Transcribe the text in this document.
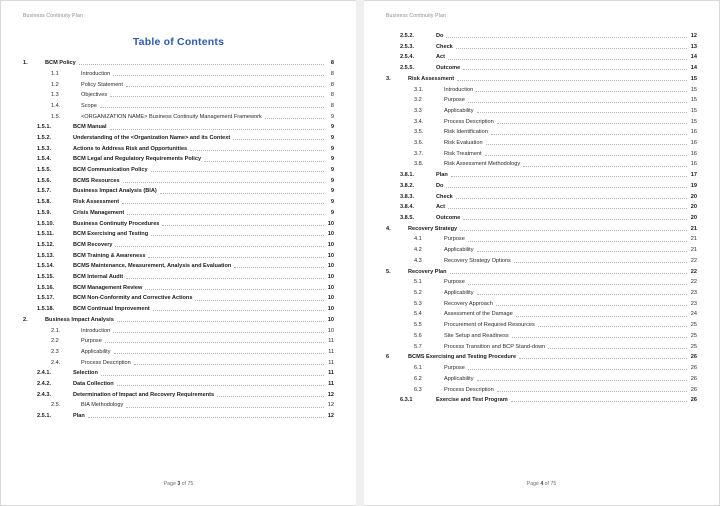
Business Continuity Plan
Table of Contents
1.	BCM Policy	8
1.1	Introduction	8
1.2	Policy Statement	8
1.3	Objectives	8
1.4.	Scope	8
1.5.	<ORGANIZATION NAME> Business Continuity Management Framework	9
1.5.1.	BCM Manual	9
1.5.2.	Understanding of the <Organization Name> and its Context	9
1.5.3.	Actions to Address Risk and Opportunities	9
1.5.4.	BCM Legal and Regulatory Requirements Policy	9
1.5.5.	BCM Communication Policy	9
1.5.6.	BCMS Resources	9
1.5.7.	Business Impact Analysis (BIA)	9
1.5.8.	Risk Assessment	9
1.5.9.	Crisis Management	9
1.5.10.	Business Continuity Procedures	10
1.5.11.	BCM Exercising and Testing	10
1.5.12.	BCM Recovery	10
1.5.13.	BCM Training & Awareness	10
1.5.14.	BCMS Maintenance, Measurement, Analysis and Evaluation	10
1.5.15.	BCM Internal Audit	10
1.5.16.	BCM Management Review	10
1.5.17.	BCM Non-Conformity and Corrective Actions	10
1.5.18.	BCM Continual Improvement	10
2.	Business Impact Analysis	10
2.1.	Introduction	10
2.2	Purpose	11
2.3	Applicability	11
2.4.	Process Description	11
2.4.1.	Selection	11
2.4.2.	Data Collection	11
2.4.3.	Determination of Impact and Recovery Requirements	12
2.5.	BIA Methodology	12
2.5.1.	Plan	12
Page 3 of 75
Business Continuity Plan
2.5.2.	Do	12
2.5.3.	Check	13
2.5.4.	Act	14
2.5.5.	Outcome	14
3.	Risk Assessment	15
3.1.	Introduction	15
3.2	Purpose	15
3.3	Applicability	15
3.4.	Process Description	15
3.5.	Risk Identification	16
3.6.	Risk Evaluation	16
3.7.	Risk Treatment	16
3.8.	Risk Assessment Methodology	16
3.8.1.	Plan	17
3.8.2.	Do	19
3.8.3.	Check	20
3.8.4.	Act	20
3.8.5.	Outcome	20
4.	Recovery Strategy	21
4.1	Purpose	21
4.2	Applicability	21
4.3	Recovery Strategy Options	22
5.	Recovery Plan	22
5.1	Purpose	22
5.2	Applicability	23
5.3	Recovery Approach	23
5.4	Assessment of the Damage	24
5.5	Procurement of Required Resources	25
5.6	Site Setup and Readiness	25
5.7	Process Transition and BCP Stand-down	25
6	BCMS Exercising and Testing Procedure	26
6.1	Purpose	26
6.2	Applicability	26
6.3	Process Description	26
6.3.1	Exercise and Test Program	26
Page 4 of 75
